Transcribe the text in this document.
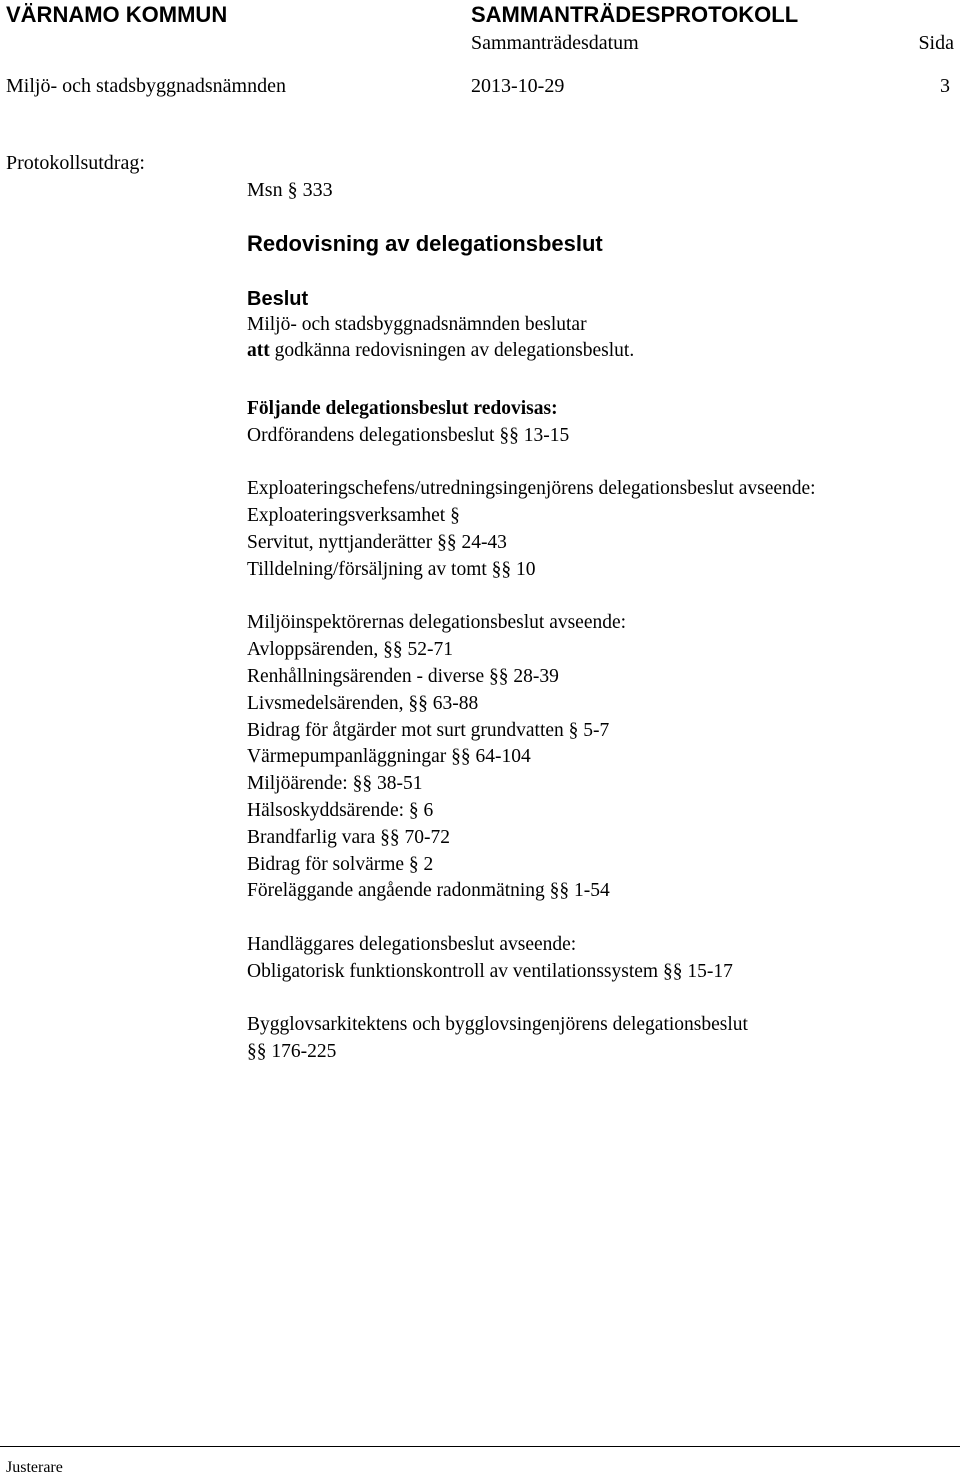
VÄRNAMO KOMMUN	SAMMANTRÄDESPROTOKOLL
Sammanträdesdatum	Sida
Miljö- och stadsbyggnadsnämnden	2013-10-29	3
Protokollsutdrag:
Msn § 333
Redovisning av delegationsbeslut
Beslut
Miljö- och stadsbyggnadsnämnden beslutar
att godkänna redovisningen av delegationsbeslut.
Följande delegationsbeslut redovisas:
Ordförandens delegationsbeslut §§ 13-15
Exploateringschefens/utredningsingenjörens delegationsbeslut avseende:
Exploateringsverksamhet §
Servitut, nyttjanderätter §§ 24-43
Tilldelning/försäljning av tomt §§ 10
Miljöinspektörernas delegationsbeslut avseende:
Avloppsärenden, §§ 52-71
Renhållningsärenden - diverse §§ 28-39
Livsmedelsärenden, §§ 63-88
Bidrag för åtgärder mot surt grundvatten § 5-7
Värmepumpanläggningar §§ 64-104
Miljöärende: §§ 38-51
Hälsoskyddsärende: § 6
Brandfarlig vara §§ 70-72
Bidrag för solvärme § 2
Föreläggande angående radonmätning §§ 1-54
Handläggares delegationsbeslut avseende:
Obligatorisk funktionskontroll av ventilationssystem §§ 15-17
Bygglovsarkitektens och bygglovsingenjörens delegationsbeslut
§§ 176-225
Justerare
